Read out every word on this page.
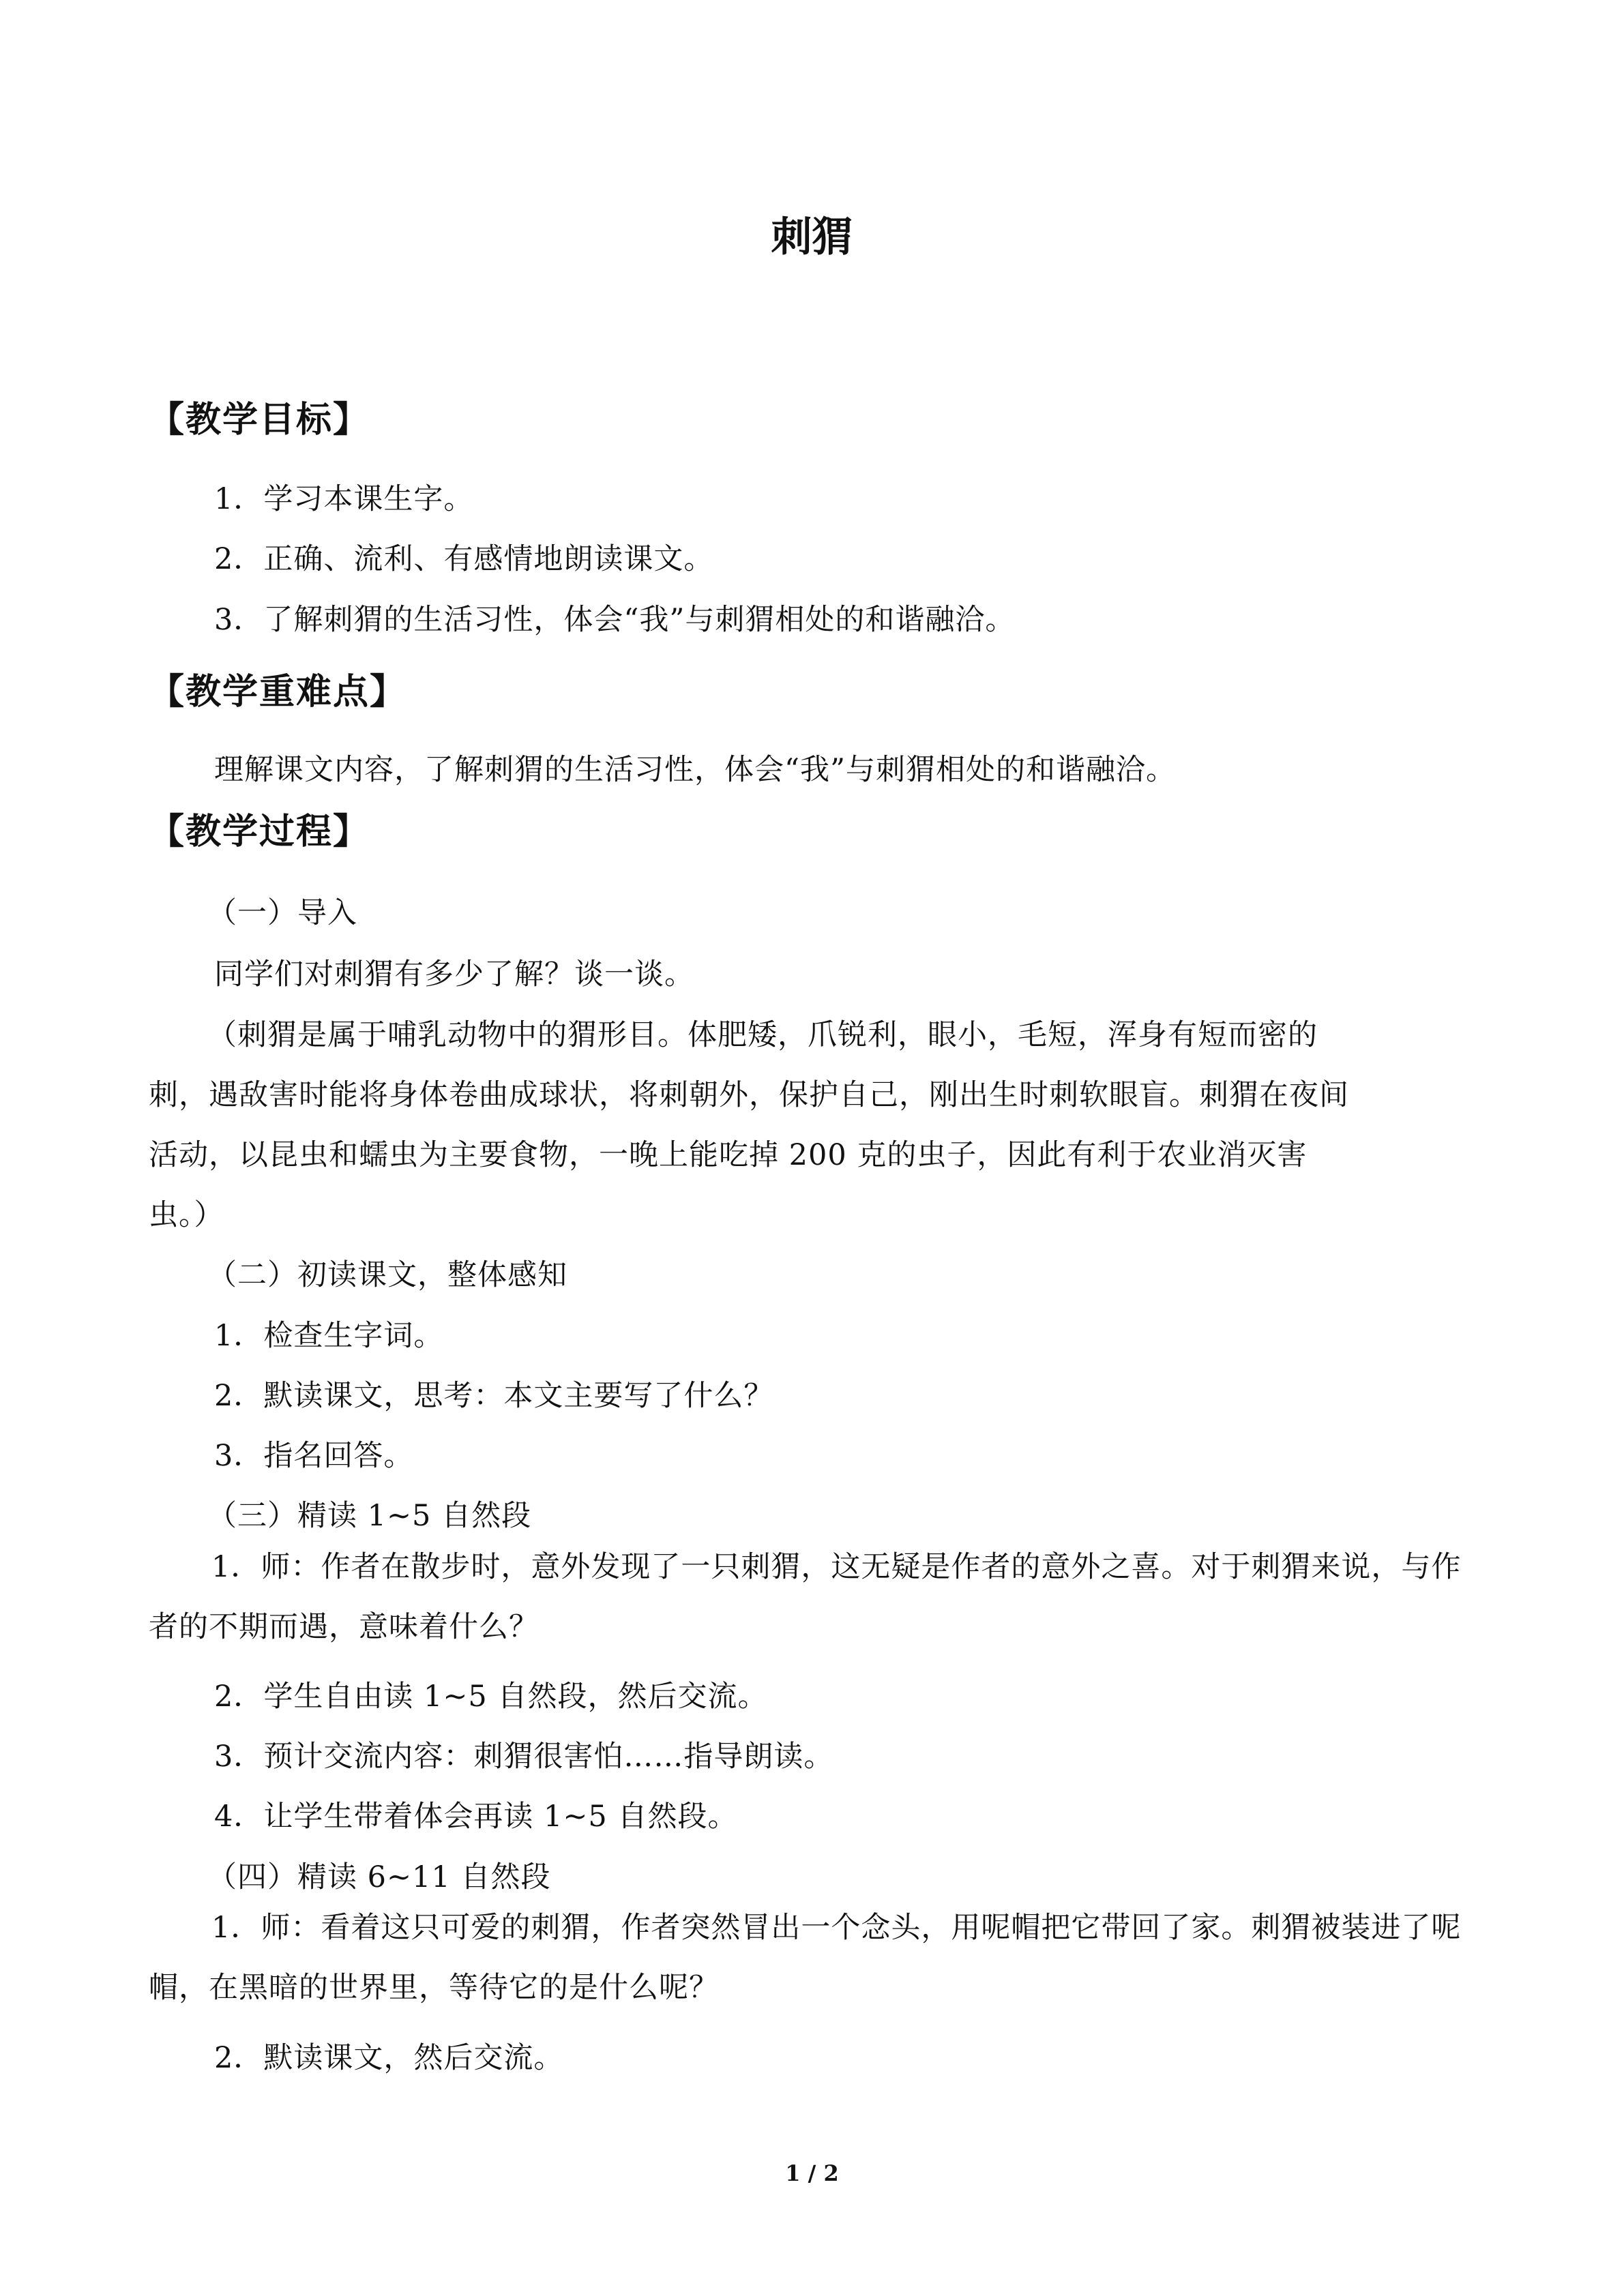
刺猬
【教学目标】
1．学习本课生字。
2．正确、流利、有感情地朗读课文。
3．了解刺猬的生活习性，体会“我”与刺猬相处的和谐融洽。
【教学重难点】
理解课文内容，了解刺猬的生活习性，体会“我”与刺猬相处的和谐融洽。
【教学过程】
（一）导入
同学们对刺猬有多少了解？谈一谈。
（刺猬是属于哺乳动物中的猬形目。体肥矮，爪锐利，眼小，毛短，浑身有短而密的
刺，遇敌害时能将身体卷曲成球状，将刺朝外，保护自己，刚出生时刺软眼盲。刺猬在夜间
活动，以昆虫和蠕虫为主要食物，一晚上能吃掉 200 克的虫子，因此有利于农业消灭害
虫。）
（二）初读课文，整体感知
1．检查生字词。
2．默读课文，思考：本文主要写了什么？
3．指名回答。
（三）精读 1~5 自然段

1．师：作者在散步时，意外发现了一只刺猬，这无疑是作者的意外之喜。对于刺猬来说，与作者的不期而遇，意味着什么？

2．学生自由读 1~5 自然段，然后交流。
3．预计交流内容：刺猬很害怕……指导朗读。
4．让学生带着体会再读 1~5 自然段。
（四）精读 6~11 自然段

1．师：看着这只可爱的刺猬，作者突然冒出一个念头，用呢帽把它带回了家。刺猬被装进了呢帽，在黑暗的世界里，等待它的是什么呢？

2．默读课文，然后交流。
1 / 2
